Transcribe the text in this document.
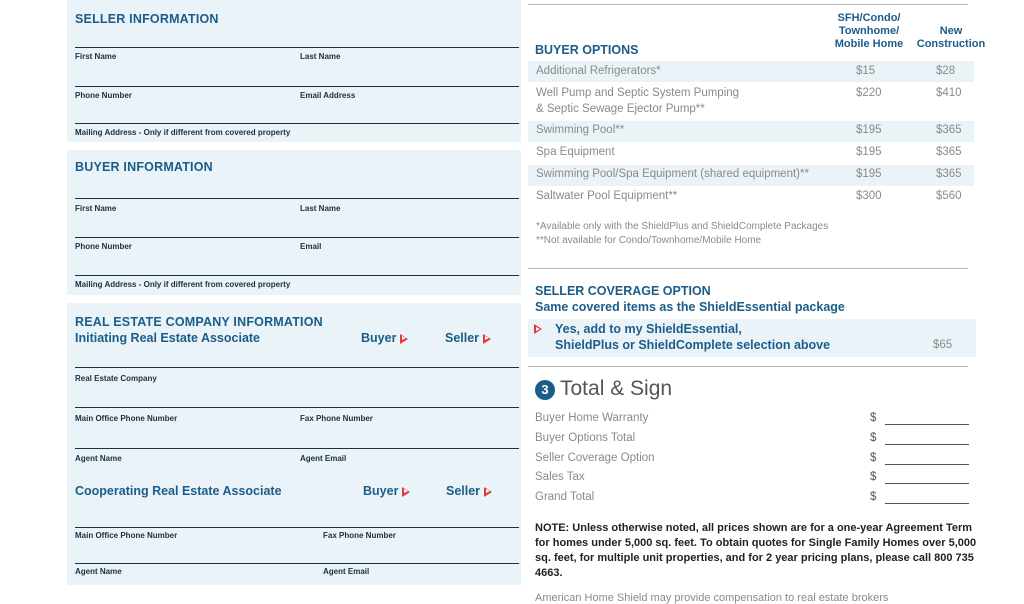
SELLER INFORMATION
First Name	Last Name
Phone Number	Email Address
Mailing Address - Only if different from covered property
BUYER INFORMATION
First Name	Last Name
Phone Number	Email
Mailing Address - Only if different from covered property
REAL ESTATE COMPANY INFORMATION
Initiating Real Estate Associate	Buyer	Seller
Real Estate Company
Main Office Phone Number	Fax Phone Number
Agent Name	Agent Email
Cooperating Real Estate Associate	Buyer	Seller
Main Office Phone Number	Fax Phone Number
Agent Name	Agent Email
SFH/Condo/ Townhome/ Mobile Home
New Construction
BUYER OPTIONS
Additional Refrigerators*	$15	$28
Well Pump and Septic System Pumping
& Septic Sewage Ejector Pump**
$220	$410
Swimming Pool**	$195	$365
Spa Equipment	$195	$365
Swimming Pool/Spa Equipment (shared equipment)**	$195	$365
Saltwater Pool Equipment**	$300	$560
*Available only with the ShieldPlus and ShieldComplete Packages
**Not available for Condo/Townhome/Mobile Home
SELLER COVERAGE OPTION
Same covered items as the ShieldEssential package
Yes, add to my ShieldEssential,
ShieldPlus or ShieldComplete selection above	$65
3 Total & Sign
Buyer Home Warranty	$
Buyer Options Total	$
Seller Coverage Option	$
Sales Tax	$
Grand Total	$
NOTE: Unless otherwise noted, all prices shown are for a one-year Agreement Term for homes under 5,000 sq. feet. To obtain quotes for Single Family Homes over 5,000 sq. feet, for multiple unit properties, and for 2 year pricing plans, please call 800 735 4663.
American Home Shield may provide compensation to real estate brokers
